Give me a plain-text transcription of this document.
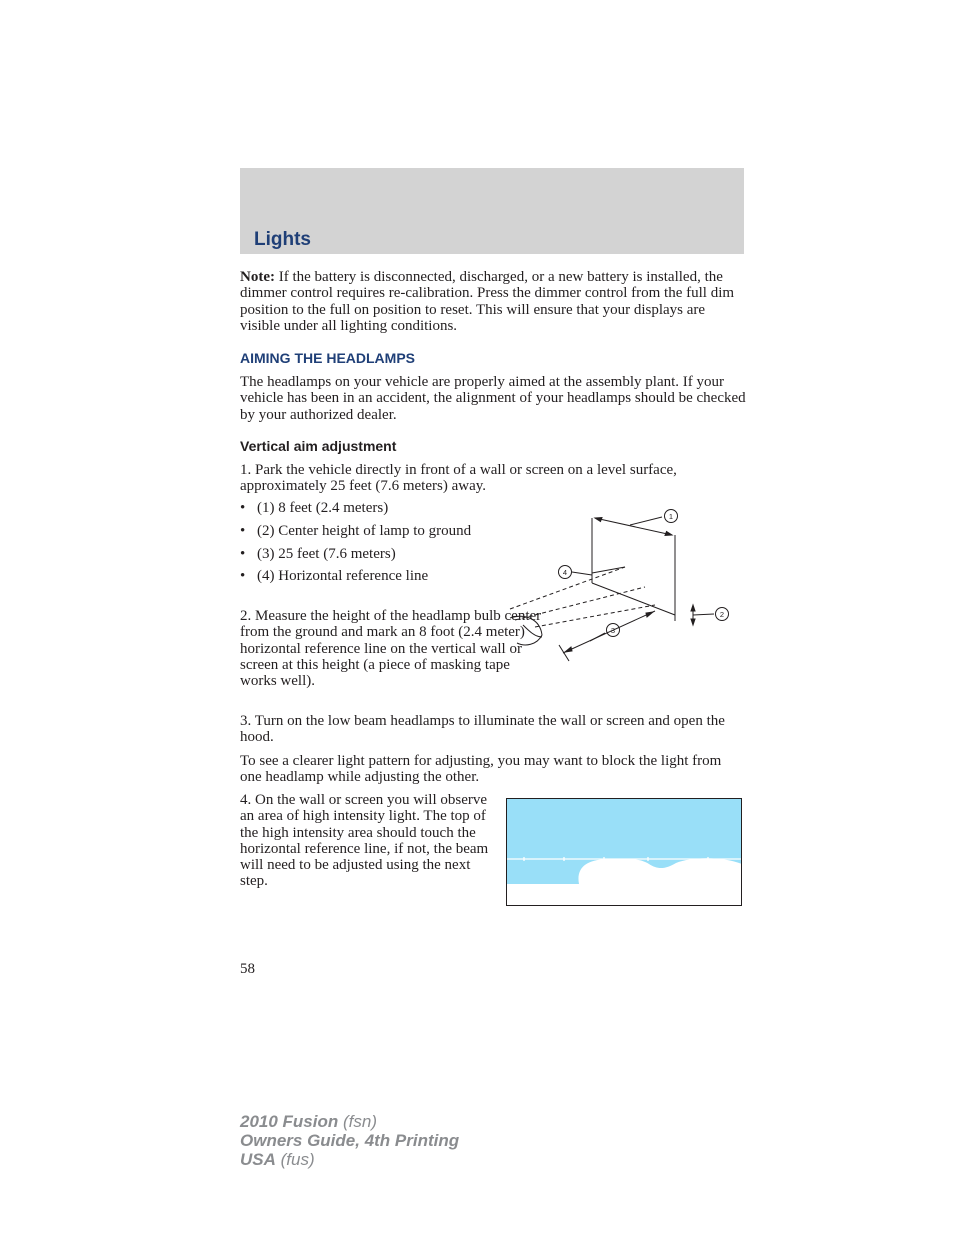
Lights

Note: If the battery is disconnected, discharged, or a new battery is installed, the dimmer control requires re-calibration. Press the dimmer control from the full dim position to the full on position to reset. This will ensure that your displays are visible under all lighting conditions.

AIMING THE HEADLAMPS

The headlamps on your vehicle are properly aimed at the assembly plant. If your vehicle has been in an accident, the alignment of your headlamps should be checked by your authorized dealer.

Vertical aim adjustment

1. Park the vehicle directly in front of a wall or screen on a level surface, approximately 25 feet (7.6 meters) away.

• (1) 8 feet (2.4 meters)
• (2) Center height of lamp to ground
• (3) 25 feet (7.6 meters)
• (4) Horizontal reference line

2. Measure the height of the headlamp bulb center from the ground and mark an 8 foot (2.4 meter) horizontal reference line on the vertical wall or screen at this height (a piece of masking tape works well).

1
2
3
4

3. Turn on the low beam headlamps to illuminate the wall or screen and open the hood.

To see a clearer light pattern for adjusting, you may want to block the light from one headlamp while adjusting the other.

4. On the wall or screen you will observe an area of high intensity light. The top of the high intensity area should touch the horizontal reference line, if not, the beam will need to be adjusted using the next step.

58
2010 Fusion (fsn)
Owners Guide, 4th Printing
USA (fus)
